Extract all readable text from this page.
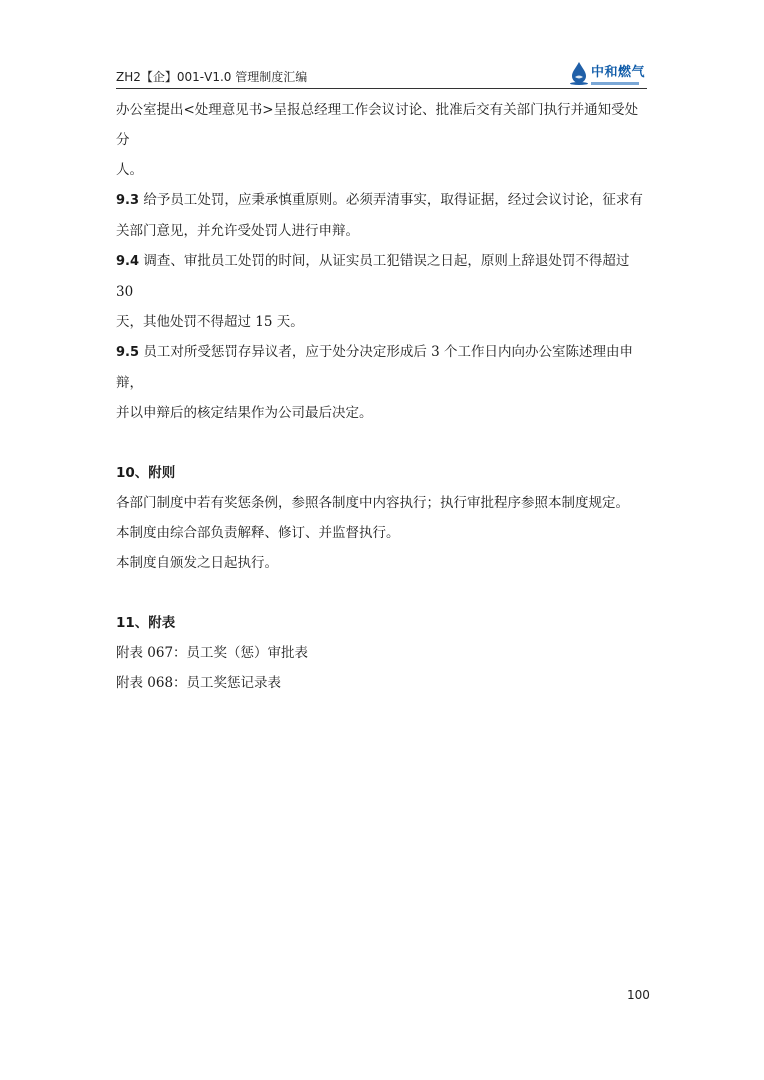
ZH2【企】001-V1.0 管理制度汇编	中和燃气

办公室提出<处理意见书>呈报总经理工作会议讨论、批准后交有关部门执行并通知受处分

人。

9.3 给予员工处罚，应秉承慎重原则。必须弄清事实，取得证据，经过会议讨论，征求有

关部门意见，并允许受处罚人进行申辩。

9.4 调查、审批员工处罚的时间，从证实员工犯错误之日起，原则上辞退处罚不得超过 30

天，其他处罚不得超过 15 天。

9.5 员工对所受惩罚存异议者，应于处分决定形成后 3 个工作日内向办公室陈述理由申辩，

并以申辩后的核定结果作为公司最后决定。

10、附则

各部门制度中若有奖惩条例，参照各制度中内容执行；执行审批程序参照本制度规定。

本制度由综合部负责解释、修订、并监督执行。

本制度自颁发之日起执行。

11、附表

附表 067：员工奖（惩）审批表

附表 068：员工奖惩记录表

100
